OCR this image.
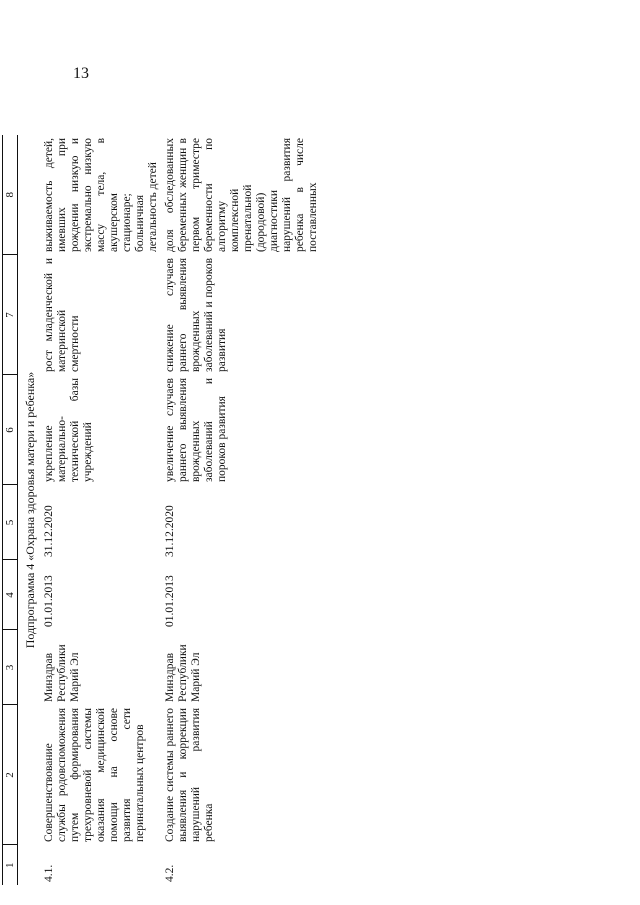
13
1	2	3	4	5	6	7	8
Подпрограмма 4 «Охрана здоровья матери и ребенка»							
4.1.	Совершенствование службы родовспоможения путем формирования трехуровневой системы оказания медицинской помощи на основе развития сети перинатальных центров	Минздрав Республики Марий Эл	01.01.2013	31.12.2020	укрепление материально-технической базы учреждений	рост младенческой и материнской смертности	выживаемость детей, имевших при рождении низкую и экстремально низкую массу тела, в акушерском стационаре; больничная летальность детей
4.2.	Создание системы раннего выявления и коррекции нарушений развития ребенка	Минздрав Республики Марий Эл	01.01.2013	31.12.2020	увеличение случаев раннего выявления врожденных заболеваний и пороков развития	снижение случаев раннего выявления врожденных заболеваний и пороков развития	доля обследованных беременных женщин в первом триместре беременности по алгоритму комплексной пренатальной (дородовой) диагностики нарушений развития ребенка в числе поставленных
